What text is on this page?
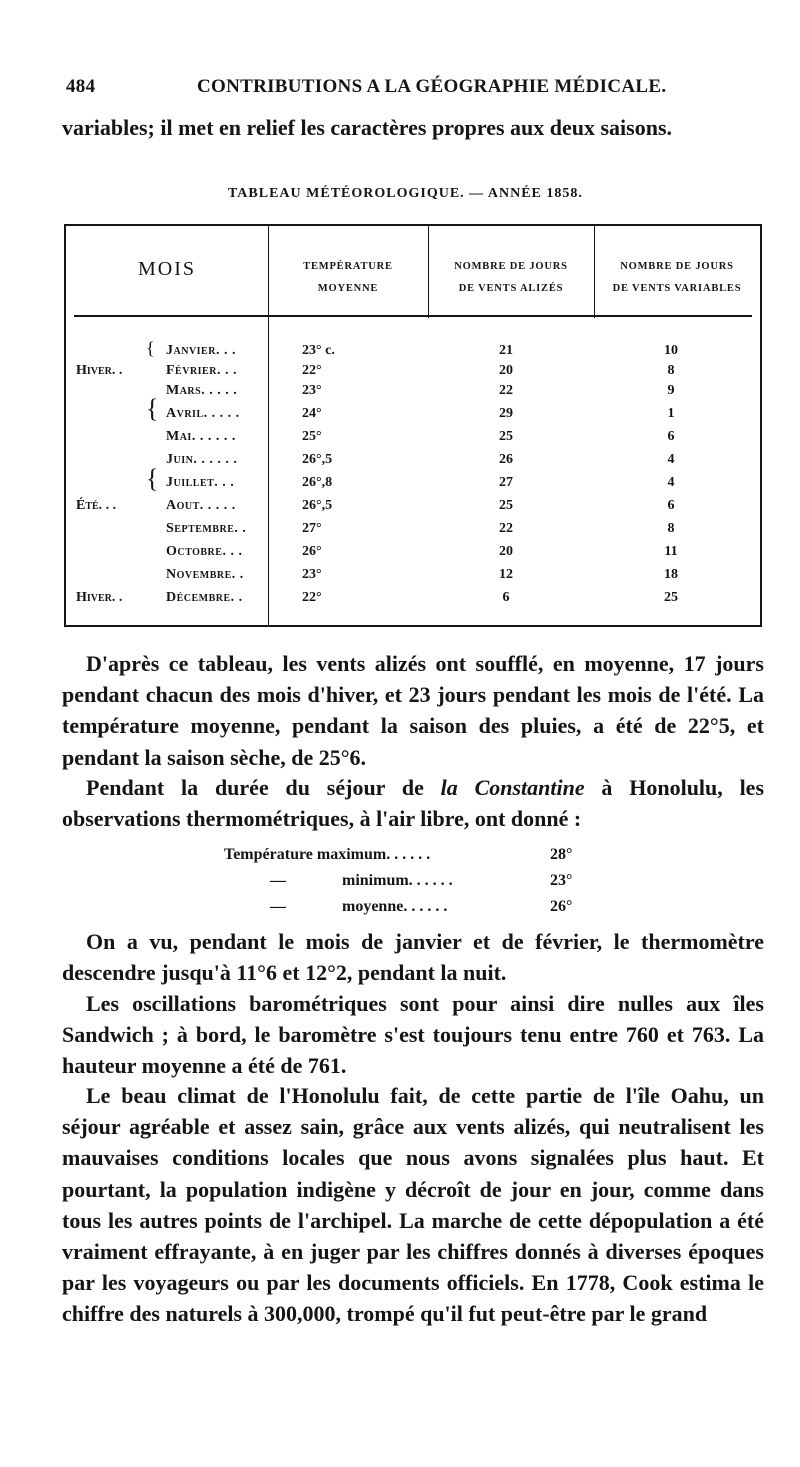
484	CONTRIBUTIONS A LA GÉOGRAPHIE MÉDICALE.
variables; il met en relief les caractères propres aux deux saisons.
TABLEAU MÉTÉOROLOGIQUE. — ANNÉE 1858.
MOIS	TEMPÉRATURE
MOYENNE
NOMBRE DE JOURS
DE VENTS ALIZÉS
NOMBRE DE JOURS
DE VENTS VARIABLES
{
{
{
Janvier. . .	23° c.	21	10
Hiver. .	Février. . .	22°	20	8
Mars. . . . .	23°	22	9
Avril. . . . .	24°	29	1
Mai. . . . . .	25°	25	6
Juin. . . . . .	26°,5	26	4
Juillet. . .	26°,8	27	4
Été. . .	Aout. . . . .	26°,5	25	6
Septembre. .	27°	22	8
Octobre. . .	26°	20	11
Novembre. .	23°	12	18
Hiver. .	Décembre. .	22°	6	25
D'après ce tableau, les vents alizés ont soufflé, en moyenne, 17 jours pendant chacun des mois d'hiver, et 23 jours pendant les mois de l'été. La température moyenne, pendant la saison des pluies, a été de 22°5, et pendant la saison sèche, de 25°6.
Pendant la durée du séjour de la Constantine à Honolulu, les observations thermométriques, à l'air libre, ont donné :
Température maximum. . . . . .	28°
—	minimum. . . . . .	23°
—	moyenne. . . . . .	26°
On a vu, pendant le mois de janvier et de février, le thermomètre descendre jusqu'à 11°6 et 12°2, pendant la nuit.
Les oscillations barométriques sont pour ainsi dire nulles aux îles Sandwich ; à bord, le baromètre s'est toujours tenu entre 760 et 763. La hauteur moyenne a été de 761.
Le beau climat de l'Honolulu fait, de cette partie de l'île Oahu, un séjour agréable et assez sain, grâce aux vents alizés, qui neutralisent les mauvaises conditions locales que nous avons signalées plus haut. Et pourtant, la population indigène y décroît de jour en jour, comme dans tous les autres points de l'archipel. La marche de cette dépopulation a été vraiment effrayante, à en juger par les chiffres donnés à diverses époques par les voyageurs ou par les documents officiels. En 1778, Cook estima le chiffre des naturels à 300,000, trompé qu'il fut peut-être par le grand
